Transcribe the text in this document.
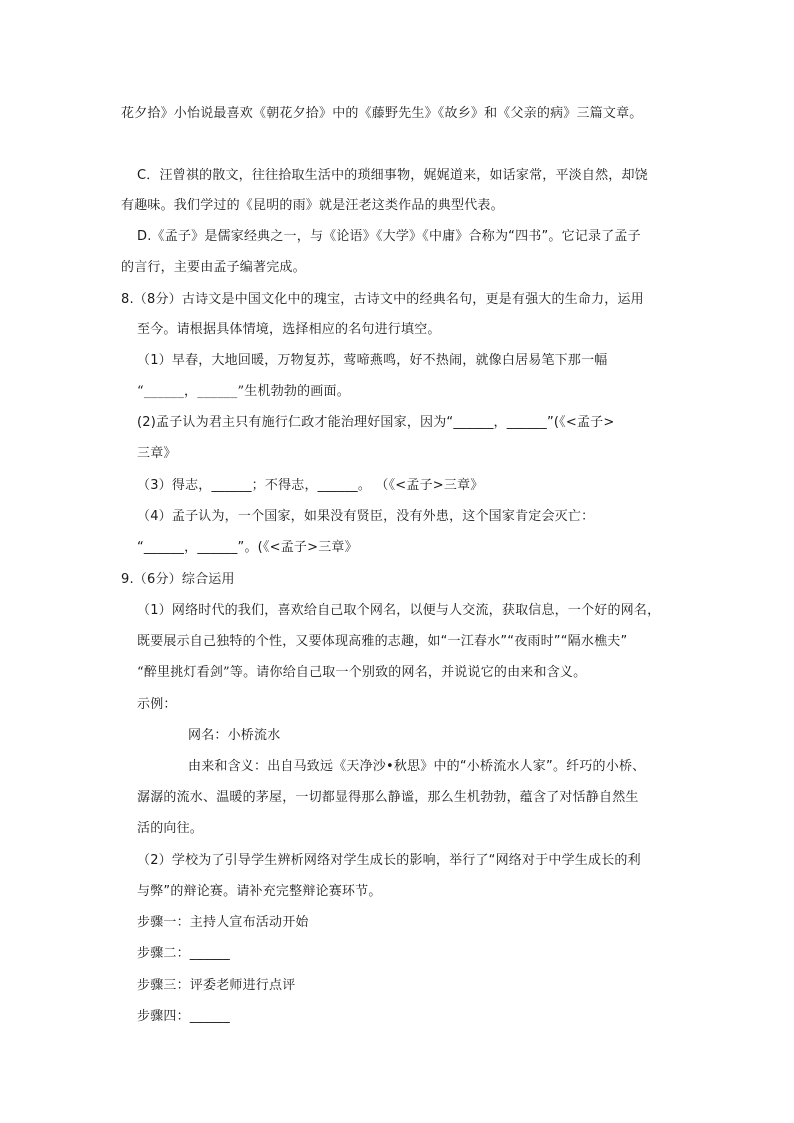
花夕拾》小怡说最喜欢《朝花夕拾》中的《藤野先生》《故乡》和《父亲的病》三篇文章。
C．汪曾祺的散文，往往拾取生活中的琐细事物，娓娓道来，如话家常，平淡自然，却饶
有趣味。我们学过的《昆明的雨》就是汪老这类作品的典型代表。
D.《孟子》是儒家经典之一，与《论语》《大学》《中庸》合称为“四书”。它记录了孟子
的言行，主要由孟子编著完成。
8.（8分）古诗文是中国文化中的瑰宝，古诗文中的经典名句，更是有强大的生命力，运用
至今。请根据具体情境，选择相应的名句进行填空。
（1）早春，大地回暖，万物复苏，莺啼燕鸣，好不热闹，就像白居易笔下那一幅
“______，______”生机勃勃的画面。
(2)孟子认为君主只有施行仁政才能治理好国家，因为“______，______”(《<孟子>
三章》
（3）得志，______；不得志，______。 （《<孟子>三章》
（4）孟子认为，一个国家，如果没有贤臣，没有外患，这个国家肯定会灭亡：
“______，______”。(《<孟子>三章》
9.（6分）综合运用
（1）网络时代的我们，喜欢给自己取个网名，以便与人交流，获取信息，一个好的网名，
既要展示自己独特的个性，又要体现高雅的志趣，如“一江春水”“夜雨时”“隔水樵夫”
“醉里挑灯看剑”等。请你给自己取一个别致的网名，并说说它的由来和含义。
示例：
网名：小桥流水
由来和含义：出自马致远《天净沙•秋思》中的“小桥流水人家”。纤巧的小桥、
潺潺的流水、温暖的茅屋，一切都显得那么静谧，那么生机勃勃，蕴含了对恬静自然生
活的向往。
（2）学校为了引导学生辨析网络对学生成长的影响，举行了“网络对于中学生成长的利
与弊”的辩论赛。请补充完整辩论赛环节。
步骤一：主持人宣布活动开始
步骤二：______
步骤三：评委老师进行点评
步骤四：______
